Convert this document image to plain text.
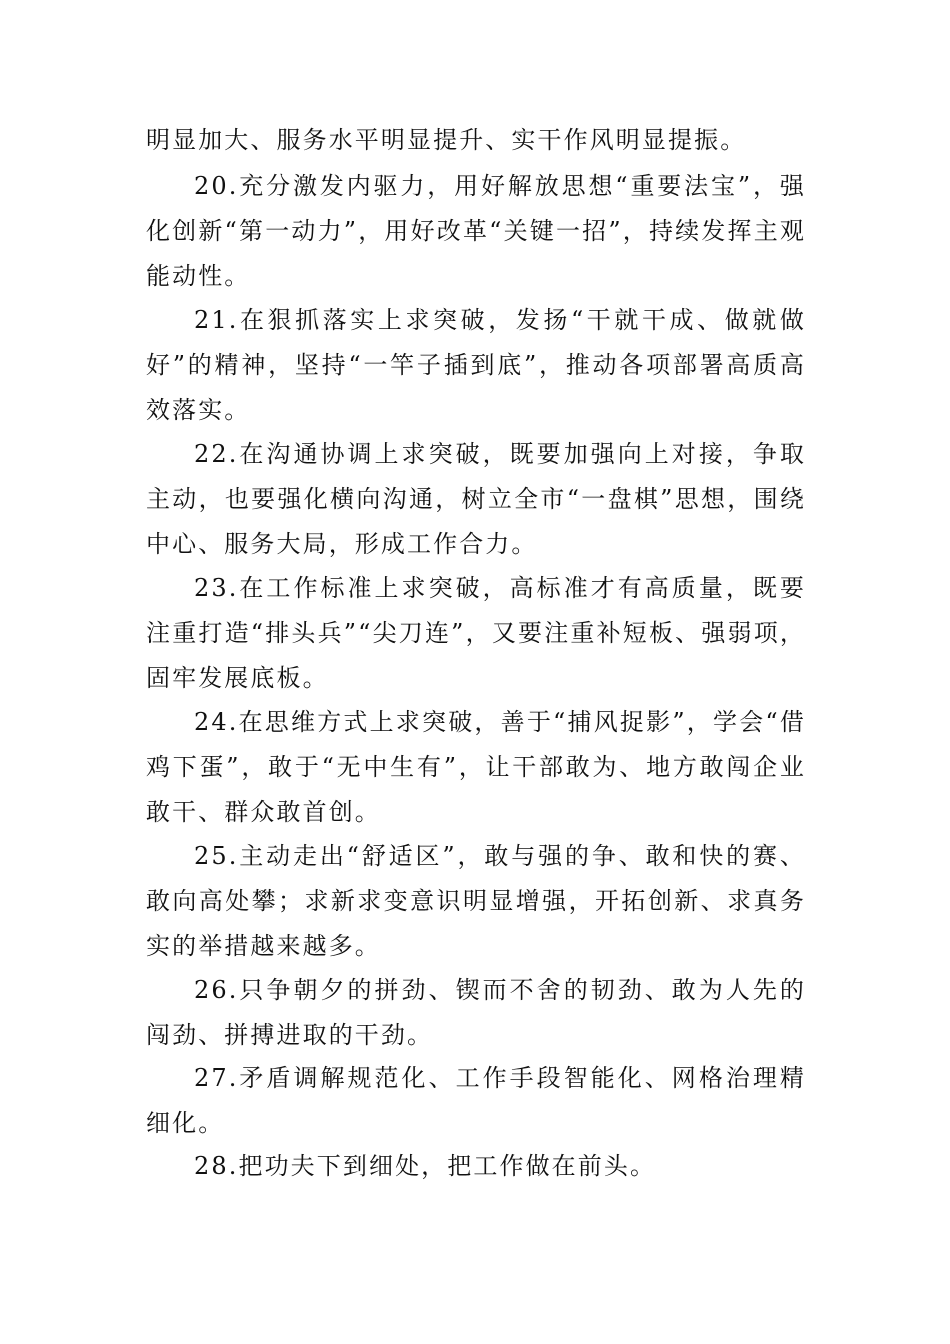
明显加大、服务水平明显提升、实干作风明显提振。

20.充分激发内驱力，用好解放思想“重要法宝”，强化创新“第一动力”，用好改革“关键一招”，持续发挥主观能动性。

21.在狠抓落实上求突破，发扬“干就干成、做就做好”的精神，坚持“一竿子插到底”，推动各项部署高质高效落实。

22.在沟通协调上求突破，既要加强向上对接，争取主动，也要强化横向沟通，树立全市“一盘棋”思想，围绕中心、服务大局，形成工作合力。

23.在工作标准上求突破，高标准才有高质量，既要注重打造“排头兵”“尖刀连”，又要注重补短板、强弱项，固牢发展底板。

24.在思维方式上求突破，善于“捕风捉影”，学会“借鸡下蛋”，敢于“无中生有”，让干部敢为、地方敢闯企业敢干、群众敢首创。

25.主动走出“舒适区”，敢与强的争、敢和快的赛、敢向高处攀；求新求变意识明显增强，开拓创新、求真务实的举措越来越多。

26.只争朝夕的拼劲、锲而不舍的韧劲、敢为人先的闯劲、拼搏进取的干劲。

27.矛盾调解规范化、工作手段智能化、网格治理精细化。

28.把功夫下到细处，把工作做在前头。
